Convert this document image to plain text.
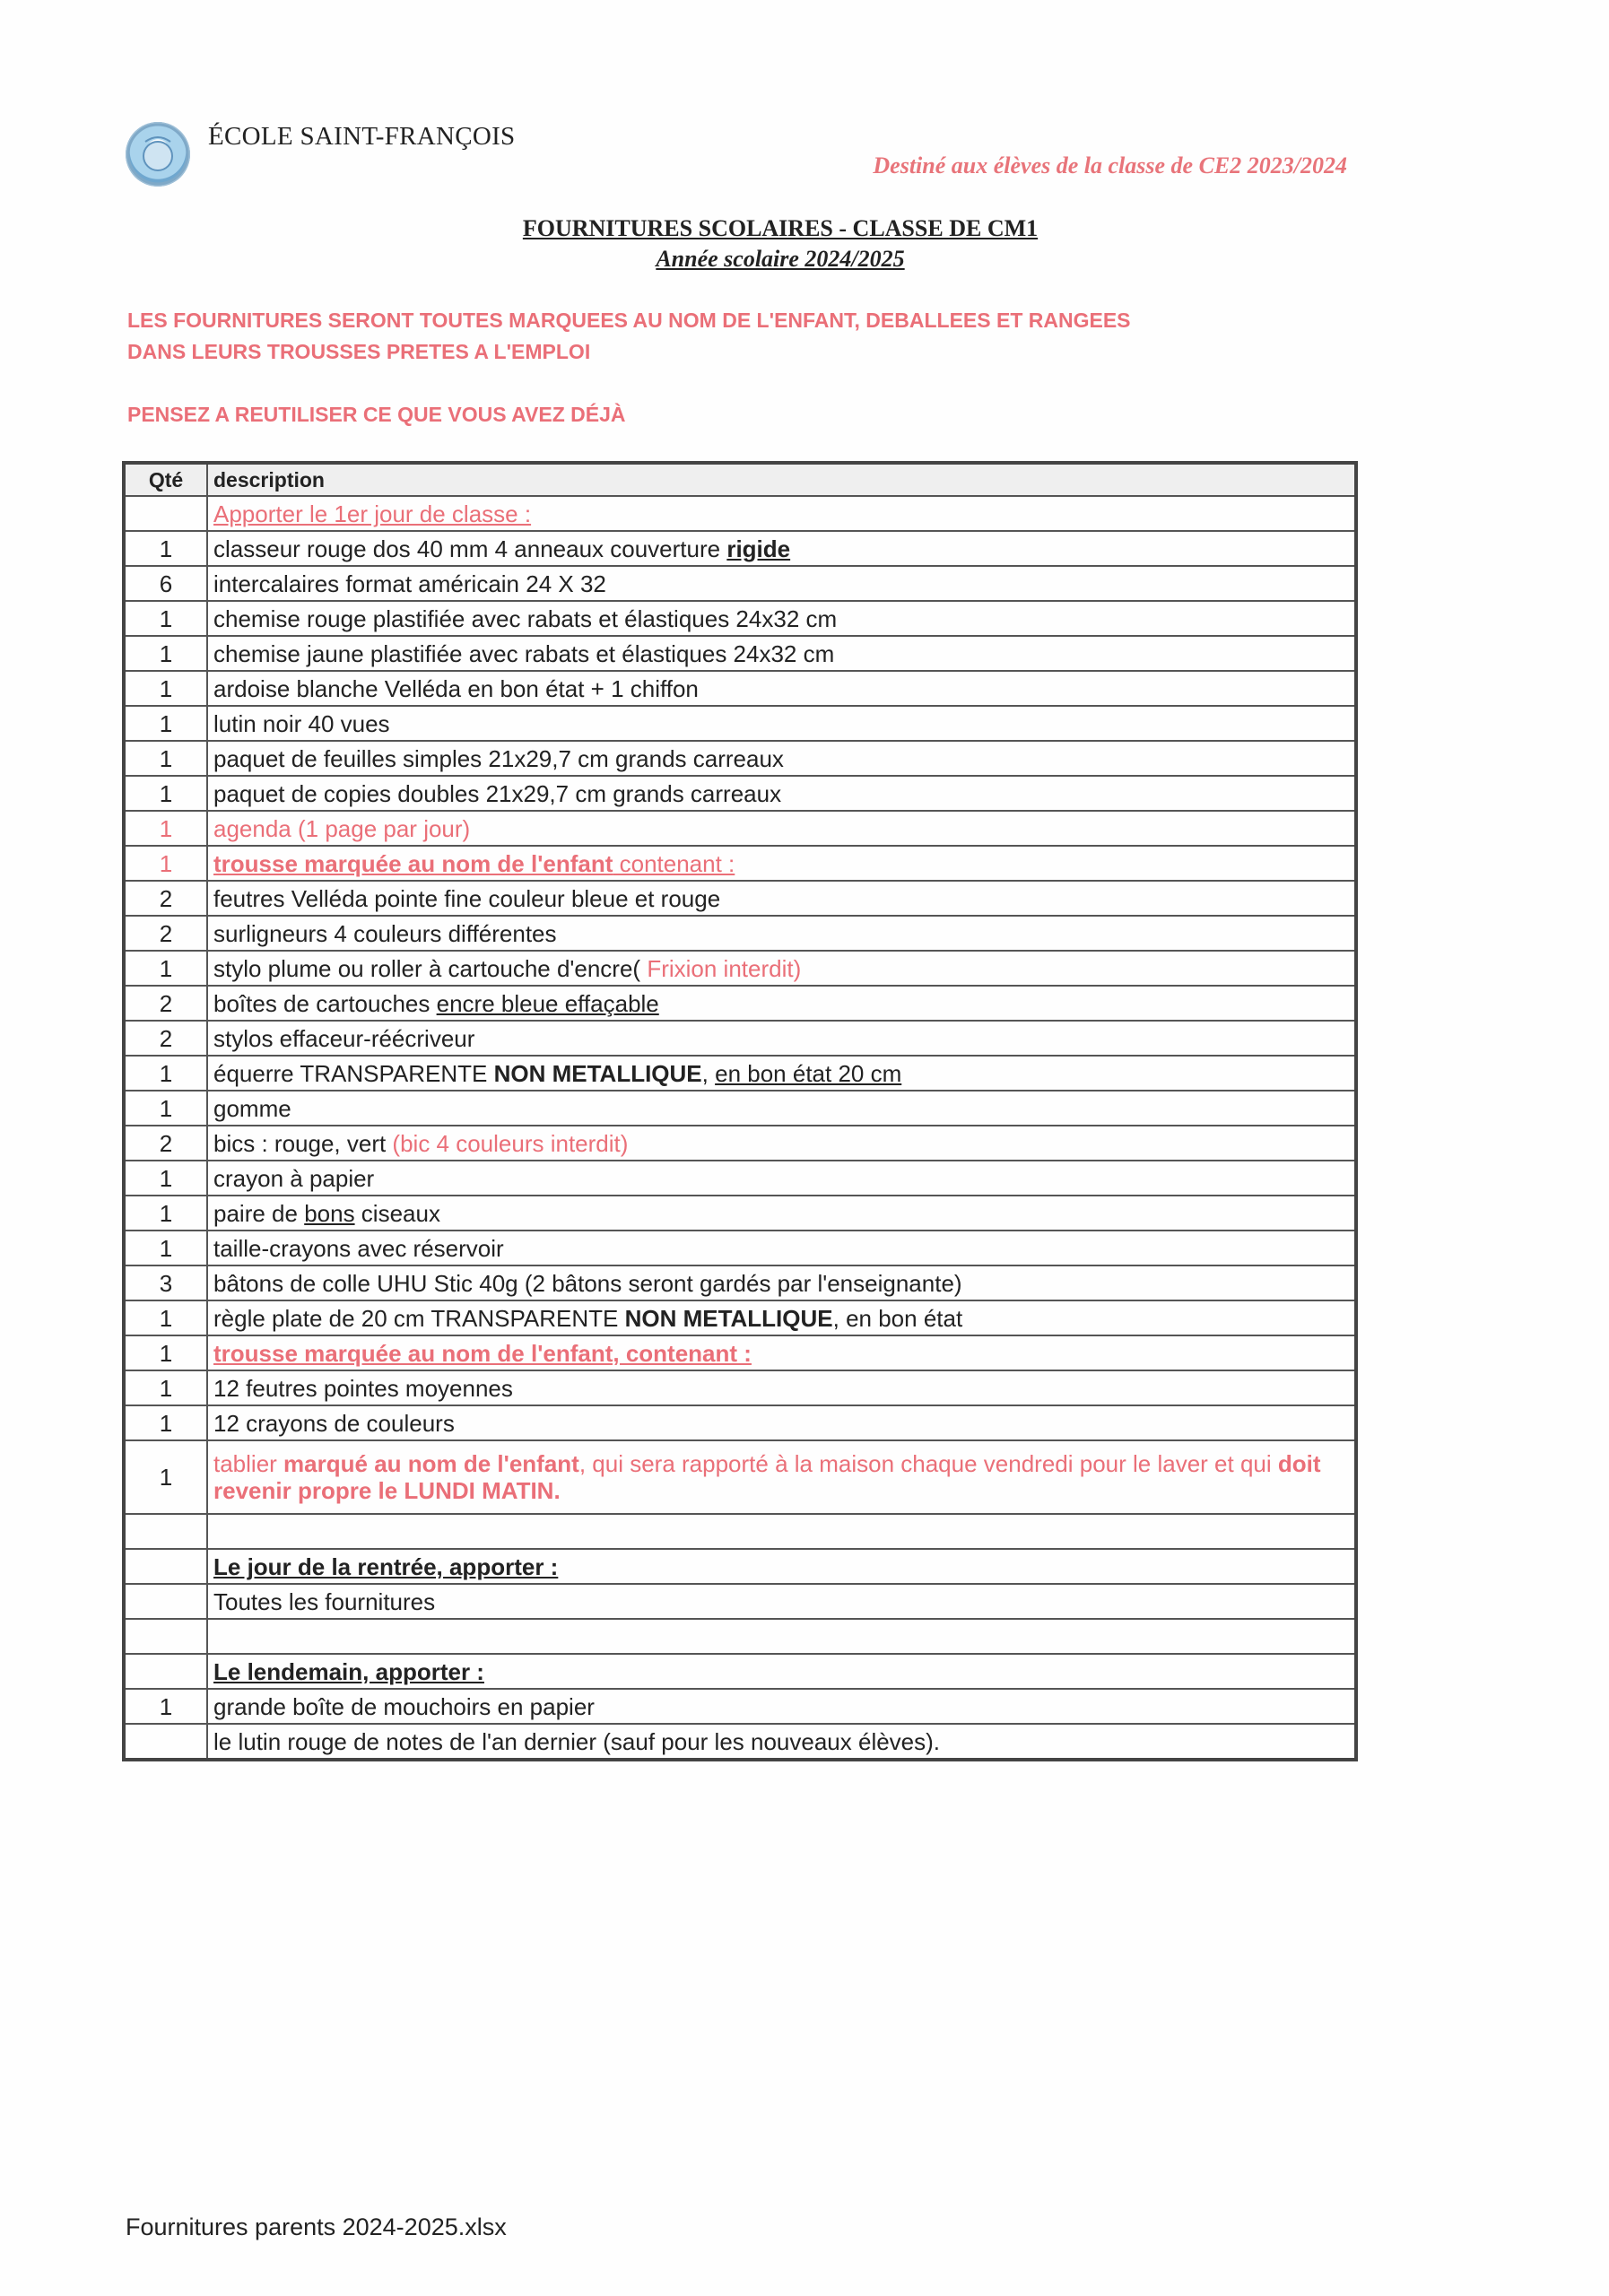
ÉCOLE SAINT-FRANÇOIS
Destiné aux élèves de la classe de CE2 2023/2024
FOURNITURES SCOLAIRES - CLASSE DE CM1
Année scolaire 2024/2025
LES FOURNITURES SERONT TOUTES MARQUEES AU NOM DE L'ENFANT, DEBALLEES ET RANGEES
DANS LEURS TROUSSES PRETES A L'EMPLOI
PENSEZ A REUTILISER CE QUE VOUS AVEZ DÉJÀ
Qté	description
	Apporter le 1er jour de classe :
1	classeur rouge dos 40 mm 4 anneaux couverture rigide
6	intercalaires format américain 24 X 32
1	chemise rouge plastifiée avec rabats et élastiques 24x32 cm
1	chemise jaune plastifiée avec rabats et élastiques 24x32 cm
1	ardoise blanche Velléda en bon état + 1 chiffon
1	lutin noir 40 vues
1	paquet de feuilles simples 21x29,7 cm grands carreaux
1	paquet de copies doubles 21x29,7 cm grands carreaux
1	agenda (1 page par jour)
1	trousse marquée au nom de l'enfant contenant :
2	feutres Velléda pointe fine couleur bleue et rouge
2	surligneurs 4 couleurs différentes
1	stylo plume ou roller à cartouche d'encre( Frixion interdit)
2	boîtes de cartouches encre bleue effaçable
2	stylos effaceur-réécriveur
1	équerre TRANSPARENTE NON METALLIQUE, en bon état 20 cm
1	gomme
2	bics : rouge, vert (bic 4 couleurs interdit)
1	crayon à papier
1	paire de bons ciseaux
1	taille-crayons avec réservoir
3	bâtons de colle UHU Stic 40g (2 bâtons seront gardés par l'enseignante)
1	règle plate de 20 cm TRANSPARENTE NON METALLIQUE, en bon état
1	trousse marquée au nom de l'enfant, contenant :
1	12 feutres pointes moyennes
1	12 crayons de couleurs
1	tablier marqué au nom de l'enfant, qui sera rapporté à la maison chaque vendredi pour le laver et qui doit revenir propre le LUNDI MATIN.

	Le jour de la rentrée, apporter :
	Toutes les fournitures

	Le lendemain, apporter :
1	grande boîte de mouchoirs en papier
	le lutin rouge de notes de l'an dernier (sauf pour les nouveaux élèves).
Fournitures parents 2024-2025.xlsx
